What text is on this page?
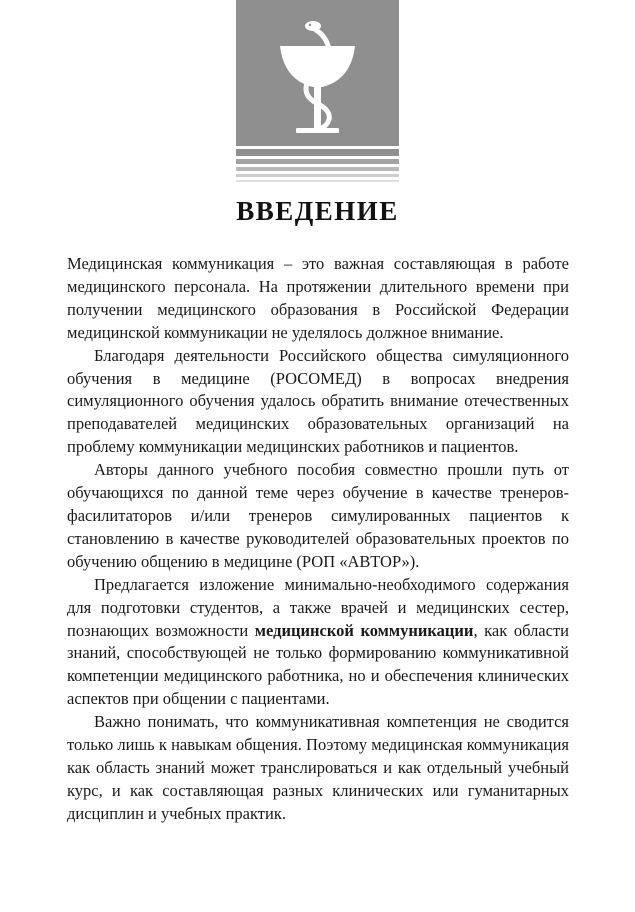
ВВЕДЕНИЕ

Медицинская коммуникация – это важная составляющая в работе медицинского персонала. На протяжении длительного времени при получении медицинского образования в Российской Федерации медицинской коммуникации не уделялось должное внимание.

Благодаря деятельности Российского общества симуляционного обучения в медицине (РОСОМЕД) в вопросах внедрения симуляционного обучения удалось обратить внимание отечественных преподавателей медицинских образовательных организаций на проблему коммуникации медицинских работников и пациентов.

Авторы данного учебного пособия совместно прошли путь от обучающихся по данной теме через обучение в качестве тренеров-фасилитаторов и/или тренеров симулированных пациентов к становлению в качестве руководителей образовательных проектов по обучению общению в медицине (РОП «АВТОР»).

Предлагается изложение минимально-необходимого содержания для подготовки студентов, а также врачей и медицинских сестер, познающих возможности медицинской коммуникации, как области знаний, способствующей не только формированию коммуникативной компетенции медицинского работника, но и обеспечения клинических аспектов при общении с пациентами.

Важно понимать, что коммуникативная компетенция не сводится только лишь к навыкам общения. Поэтому медицинская коммуникация как область знаний может транслироваться и как отдельный учебный курс, и как составляющая разных клинических или гуманитарных дисциплин и учебных практик.
